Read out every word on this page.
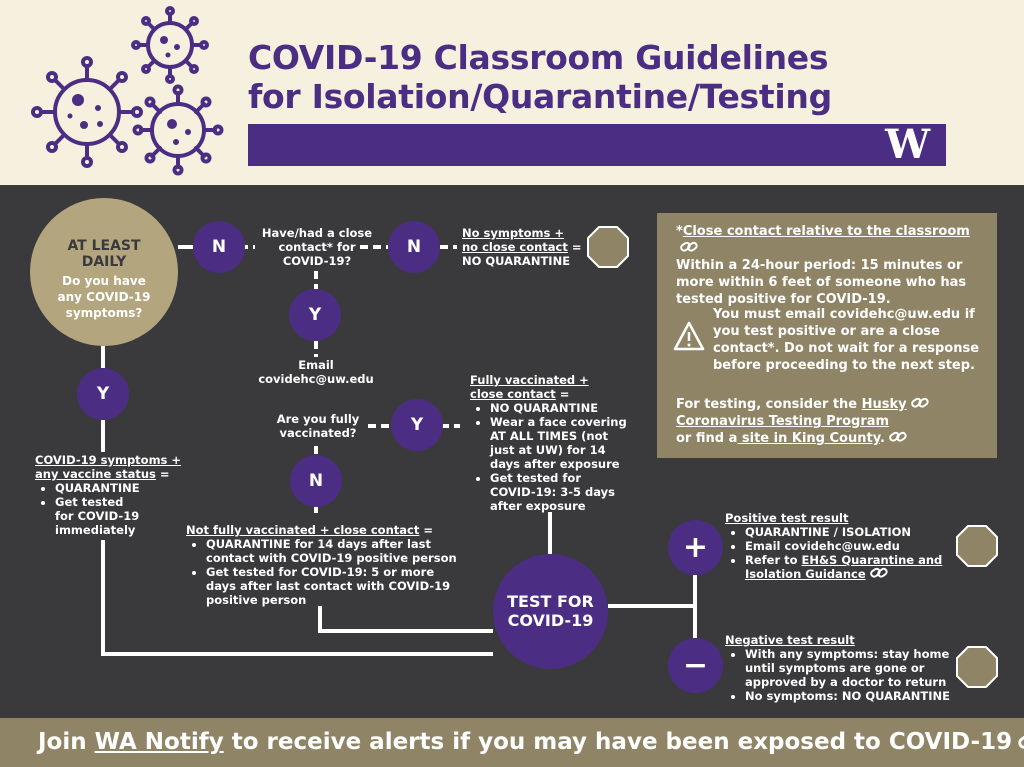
COVID-19 Classroom Guidelines
for Isolation/Quarantine/Testing
W
AT LEAST
DAILY
Do you have any COVID-19 symptoms?
N	N
Y
Y
Y
N
+
−
Have/had a close contact* for COVID-19?
No symptoms +
no close contact =
NO QUARANTINE
Email
covidehc@uw.edu
Are you fully vaccinated?
COVID-19 symptoms +
any vaccine status =
• QUARANTINE
• Get tested for COVID-19 immediately
Fully vaccinated +
close contact =
• NO QUARANTINE
• Wear a face covering AT ALL TIMES (not just at UW) for 14 days after exposure
• Get tested for COVID-19: 3-5 days after exposure
Not fully vaccinated + close contact =
• QUARANTINE for 14 days after last contact with COVID-19 positive person
• Get tested for COVID-19: 5 or more days after last contact with COVID-19 positive person	TEST FOR
COVID-19
Positive test result
• QUARANTINE / ISOLATION
• Email covidehc@uw.edu
• Refer to EH&S Quarantine and
Isolation Guidance
Negative test result
• With any symptoms: stay home until symptoms are gone or approved by a doctor to return
• No symptoms: NO QUARANTINE
*Close contact relative to the classroom
Within a 24-hour period: 15 minutes or more within 6 feet of someone who has tested positive for COVID-19.
You must email covidehc@uw.edu if you test positive or are a close contact*. Do not wait for a response before proceeding to the next step.
For testing, consider the Husky
Coronavirus Testing Program
or find a site in King County.
Join WA Notify to receive alerts if you may have been exposed to COVID-19
